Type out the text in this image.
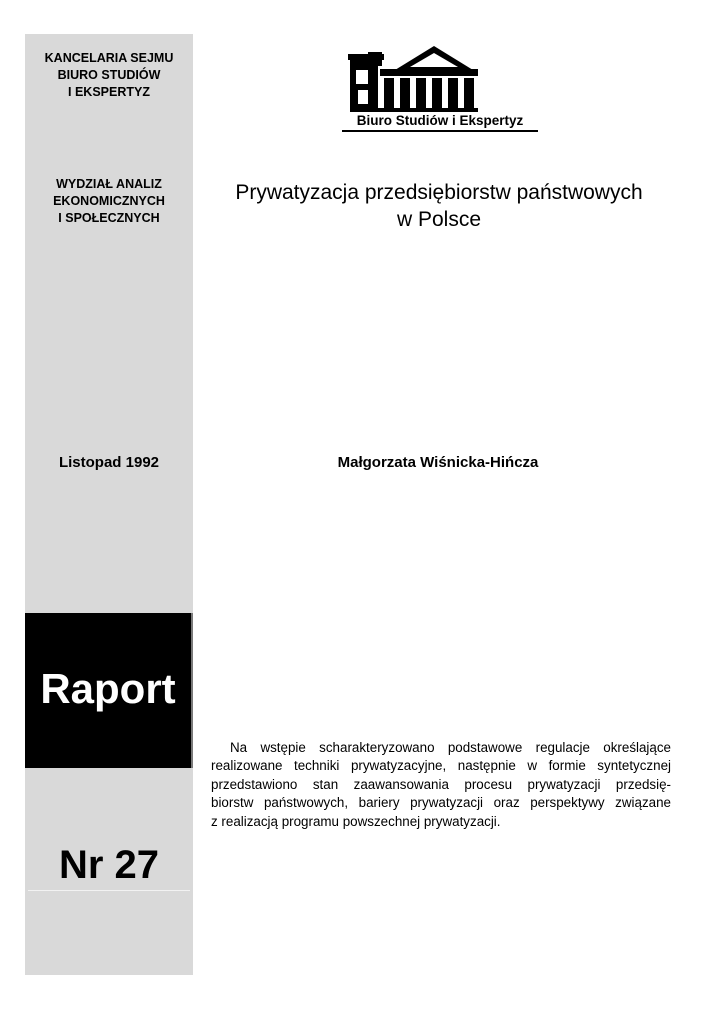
KANCELARIA SEJMU
BIURO STUDIÓW
I EKSPERTYZ
WYDZIAŁ ANALIZ
EKONOMICZNYCH
I SPOŁECZNYCH
Listopad 1992
Raport
Nr 27
Biuro Studiów i Ekspertyz
Prywatyzacja przedsiębiorstw państwowych
w Polsce
Małgorzata Wiśnicka-Hińcza
Na wstępie scharakteryzowano podstawowe regulacje określające
realizowane techniki prywatyzacyjne, następnie w formie syntetycznej
przedstawiono stan zaawansowania procesu prywatyzacji przedsię-
biorstw państwowych, bariery prywatyzacji oraz perspektywy związane
z realizacją programu powszechnej prywatyzacji.
